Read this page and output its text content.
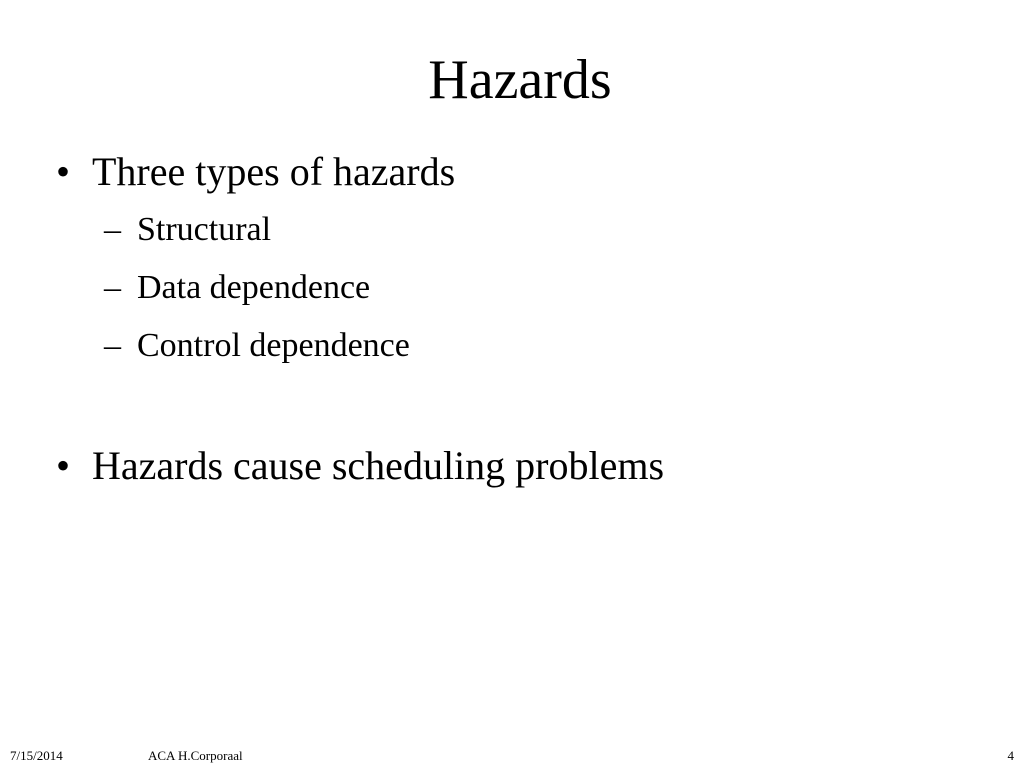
Hazards
• Three types of hazards
– Structural
– Data dependence
– Control dependence
• Hazards cause scheduling problems
7/15/2014	ACA H.Corporaal	4
